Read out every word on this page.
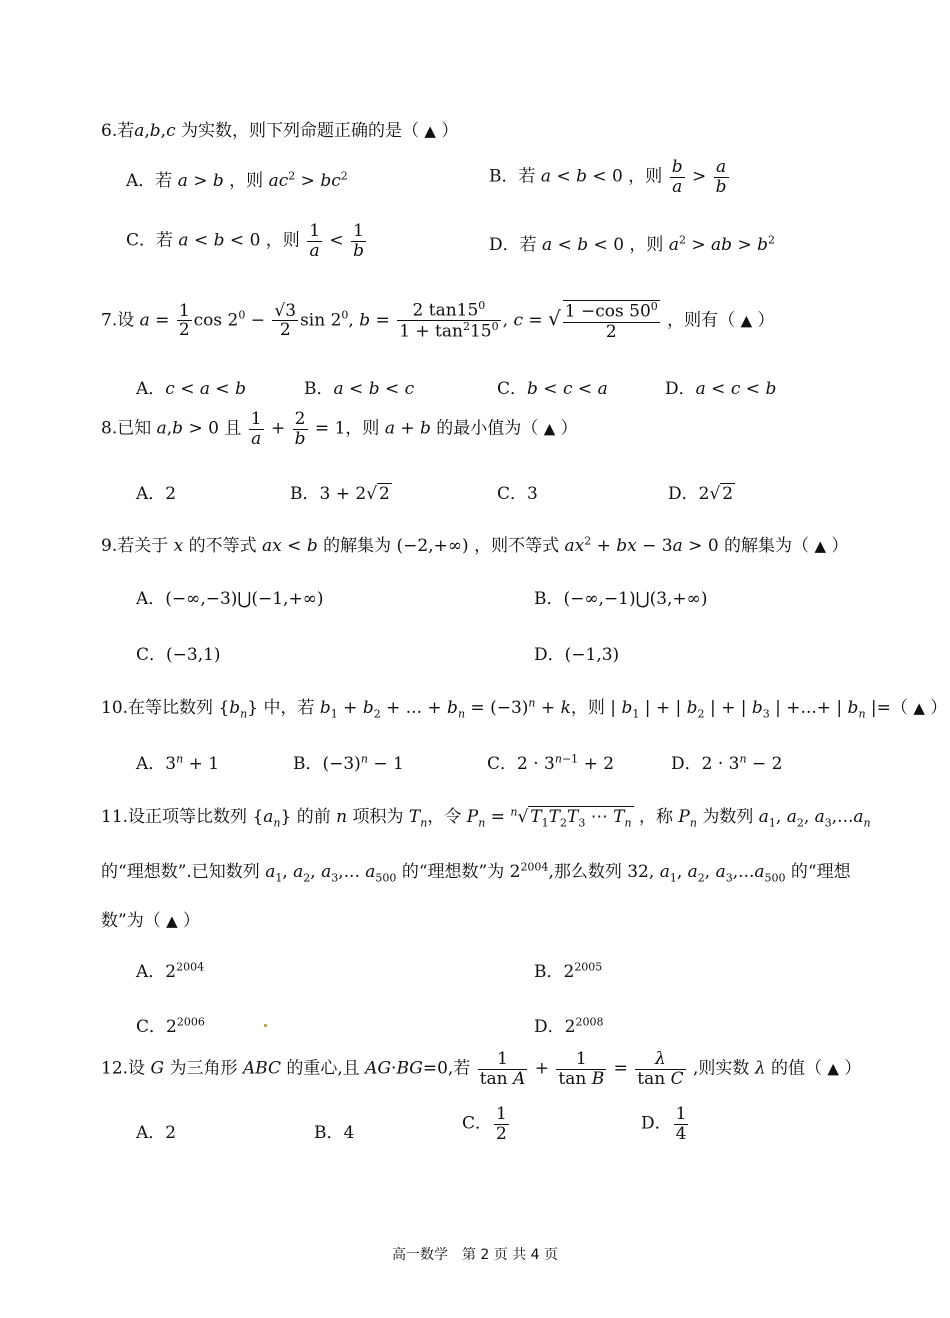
6.若a,b,c 为实数，则下列命题正确的是（ ▲ ）
A．若 a > b ，则 $ac^2 > bc^2$	B．若 a < b < 0 ，则 $\frac{b}{a} > \frac{a}{b}$
C．若 a < b < 0 ，则 $\frac{1}{a} < \frac{1}{b}$	D．若 a < b < 0 ，则 $a^2$ > ab > $b^2$
7.设 $a = \frac{1}{2}$ $\cos 2^0 - \frac{√3}{2}$ $\sin 2^0$, $b = \frac{2 \tan 15^0}{1 + \tan^215^0}$ , c = √ $\frac{1 -\cos 50^0}{2}$ ，则有（ ▲ ）
A．c < a < b	B．a < b < c	C．b < c < a	D．a < c < b
8.已知 a,b > 0 且 $\frac{1}{a} + \frac{2}{b} = 1$，则 a + b 的最小值为（ ▲ ）
A．2	B．3 + 2√ 2	C．3	D．2√ 2
9.若关于 x 的不等式 ax < b 的解集为 (−2,+∞) ，则不等式 $ax^2$ + bx − 3a > 0 的解集为（ ▲ ）
A．(−∞,−3)⋃(−1,+∞)	B．(−∞,−1)⋃(3,+∞)
C．(−3,1)	D．(−1,3)
10.在等比数列 $\{b_n\}$ 中，若 $b_1 + b_2$ + ... + $b_n = (-3)^n + k$，则 | $b_1$ | + | $b_2$ | + | $b_3$ | +...+ | $b_n$ |=（ ▲ ）
A．$3^n + 1$	B．$(-3)^n - 1$	C．$2 \cdot 3^{n-1} + 2$	D．$2 \cdot 3^n - 2$
11.设正项等比数列 $\{a_n\}$ 的前 n 项积为 $T_n$，令 $P_n = ^n√$ $T_1T_2T_3$ ⋯ $T_n$ ，称 $P_n$ 为数列 $a_1$, $a_2$, $a_3,...a_n$
的“理想数”.已知数列 $a_1$, $a_2$, $a_3$,... $a_{500}$ 的“理想数”为 $2^{2004}$,那么数列 32, $a_1$, $a_2$, $a_3,...a_{500}$ 的“理想
数”为（ ▲ ）
A．$2^{2004}$	B．$2^{2005}$
C．$2^{2006}$	D．$2^{2008}$
12.设 G 为三角形 ABC 的重心,且 AG·BG=0,若 $\frac{1}{\text{tan A}} + \frac{1}{\text{tan B}} = \frac{\lambda}{\text{tan C}}$ ,则实数 λ 的值（ ▲ ）
A．2	B．4	C． $\frac{1}{2}$	D． $\frac{1}{4}$
高一数学　第 2 页 共 4 页
